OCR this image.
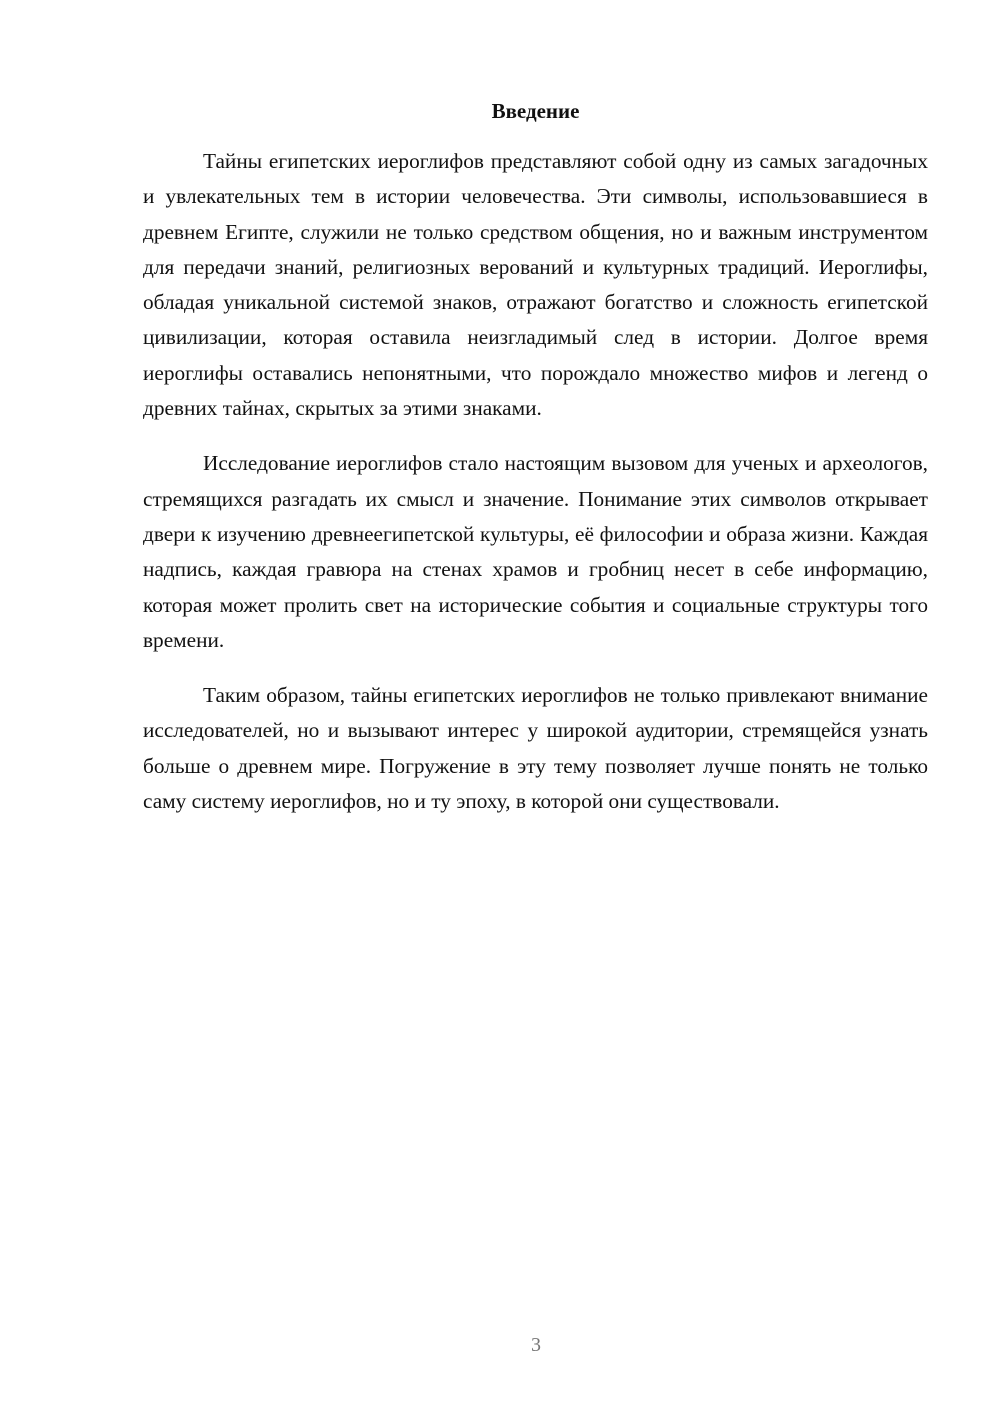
Введение

Тайны египетских иероглифов представляют собой одну из самых загадочных и увлекательных тем в истории человечества. Эти символы, использовавшиеся в древнем Египте, служили не только средством общения, но и важным инструментом для передачи знаний, религиозных верований и культурных традиций. Иероглифы, обладая уникальной системой знаков, отражают богатство и сложность египетской цивилизации, которая оставила неизгладимый след в истории. Долгое время иероглифы оставались непонятными, что порождало множество мифов и легенд о древних тайнах, скрытых за этими знаками.

Исследование иероглифов стало настоящим вызовом для ученых и археологов, стремящихся разгадать их смысл и значение. Понимание этих символов открывает двери к изучению древнеегипетской культуры, её философии и образа жизни. Каждая надпись, каждая гравюра на стенах храмов и гробниц несет в себе информацию, которая может пролить свет на исторические события и социальные структуры того времени.

Таким образом, тайны египетских иероглифов не только привлекают внимание исследователей, но и вызывают интерес у широкой аудитории, стремящейся узнать больше о древнем мире. Погружение в эту тему позволяет лучше понять не только саму систему иероглифов, но и ту эпоху, в которой они существовали.

3
